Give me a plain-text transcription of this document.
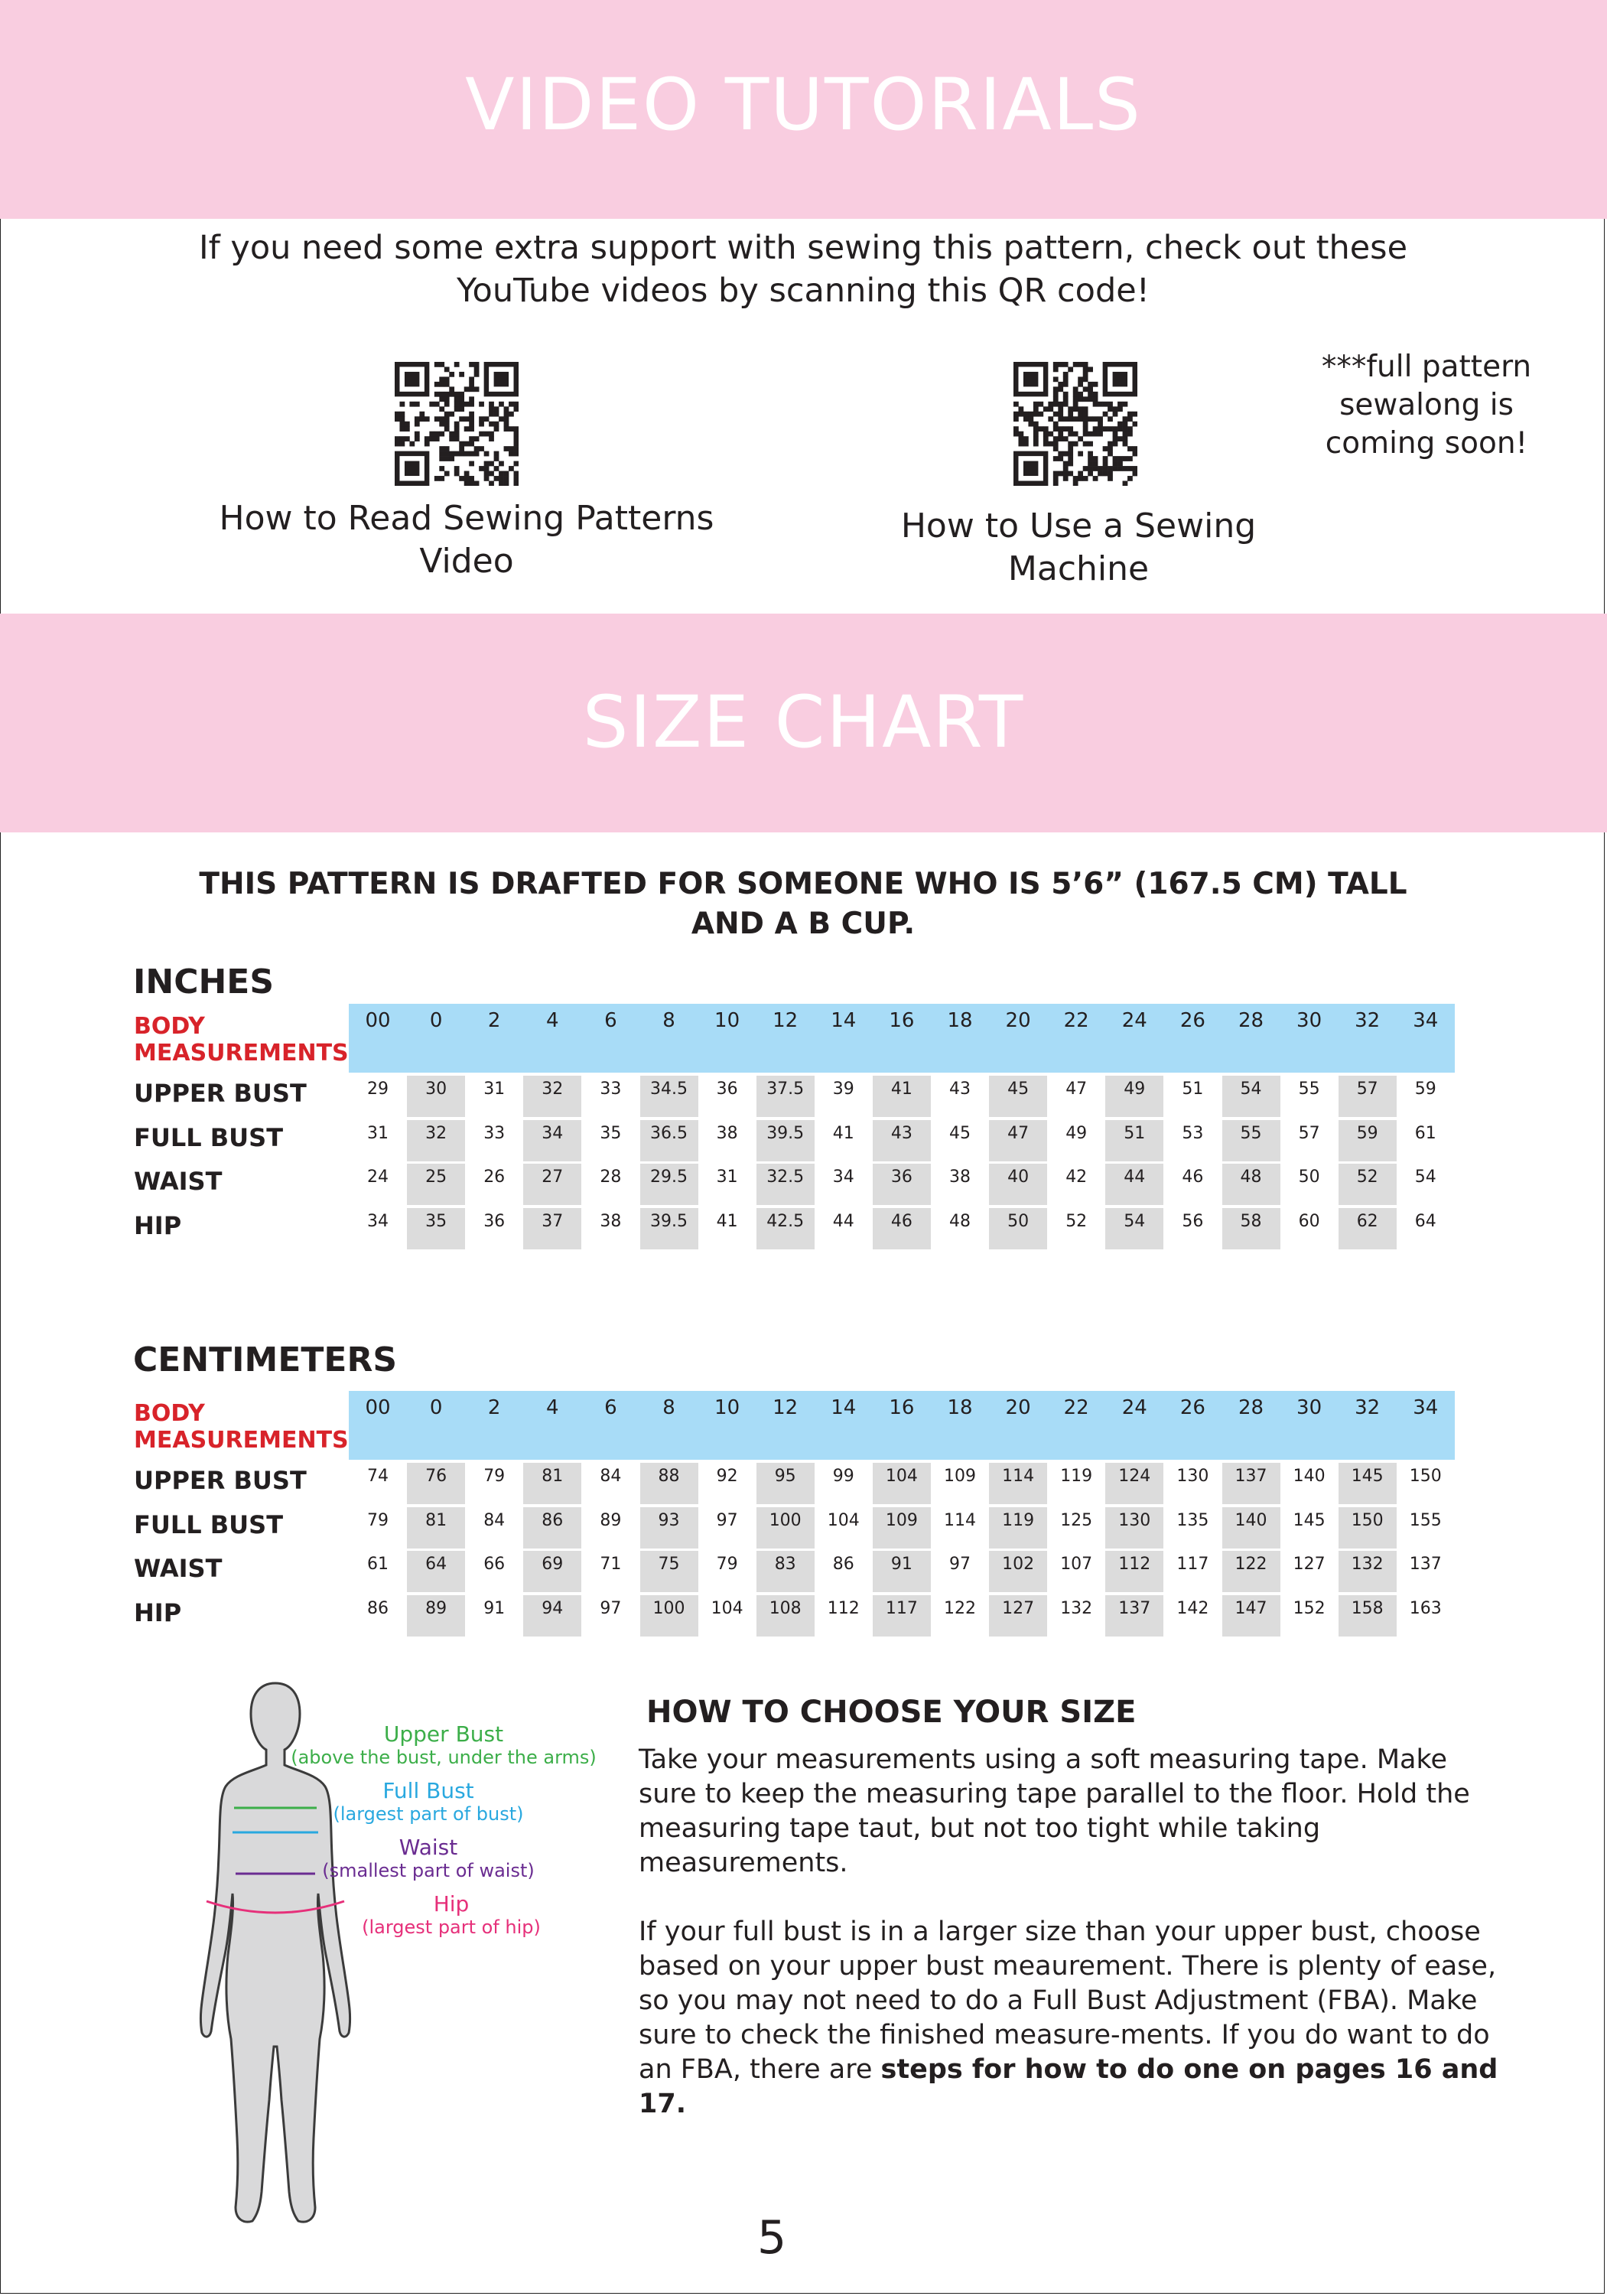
VIDEO TUTORIALS
If you need some extra support with sewing this pattern, check out these YouTube videos by scanning this QR code!
How to Read Sewing Patterns Video
How to Use a Sewing Machine
***full pattern sewalong is coming soon!
SIZE CHART
THIS PATTERN IS DRAFTED FOR SOMEONE WHO IS 5’6” (167.5 CM) TALL
AND A B CUP.
INCHES
BODY MEASUREMENTS
00	0	2	4	6	8	10	12	14	16	18	20	22	24	26	28	30	32	34
UPPER BUST	29	30	31	32	33	34.5	36	37.5	39	41	43	45	47	49	51	54	55	57	59
FULL BUST	31	32	33	34	35	36.5	38	39.5	41	43	45	47	49	51	53	55	57	59	61
WAIST	24	25	26	27	28	29.5	31	32.5	34	36	38	40	42	44	46	48	50	52	54
HIP	34	35	36	37	38	39.5	41	42.5	44	46	48	50	52	54	56	58	60	62	64
CENTIMETERS
BODY MEASUREMENTS
00	0	2	4	6	8	10	12	14	16	18	20	22	24	26	28	30	32	34
UPPER BUST	74	76	79	81	84	88	92	95	99	104	109	114	119	124	130	137	140	145	150
FULL BUST	79	81	84	86	89	93	97	100	104	109	114	119	125	130	135	140	145	150	155
WAIST	61	64	66	69	71	75	79	83	86	91	97	102	107	112	117	122	127	132	137
HIP	86	89	91	94	97	100	104	108	112	117	122	127	132	137	142	147	152	158	163
Upper Bust
(above the bust, under the arms)
Full Bust
(largest part of bust)
Waist
(smallest part of waist)
Hip
(largest part of hip)
HOW TO CHOOSE YOUR SIZE

Take your measurements using a soft measuring tape. Make sure to keep the measuring tape parallel to the floor. Hold the measuring tape taut, but not too tight while taking measurements.

If your full bust is in a larger size than your upper bust, choose based on your upper bust meaurement. There is plenty of ease, so you may not need to do a Full Bust Adjustment (FBA). Make sure to check the finished measure-ments. If you do want to do an FBA, there are steps for how to do one on pages 16 and 17.

5
